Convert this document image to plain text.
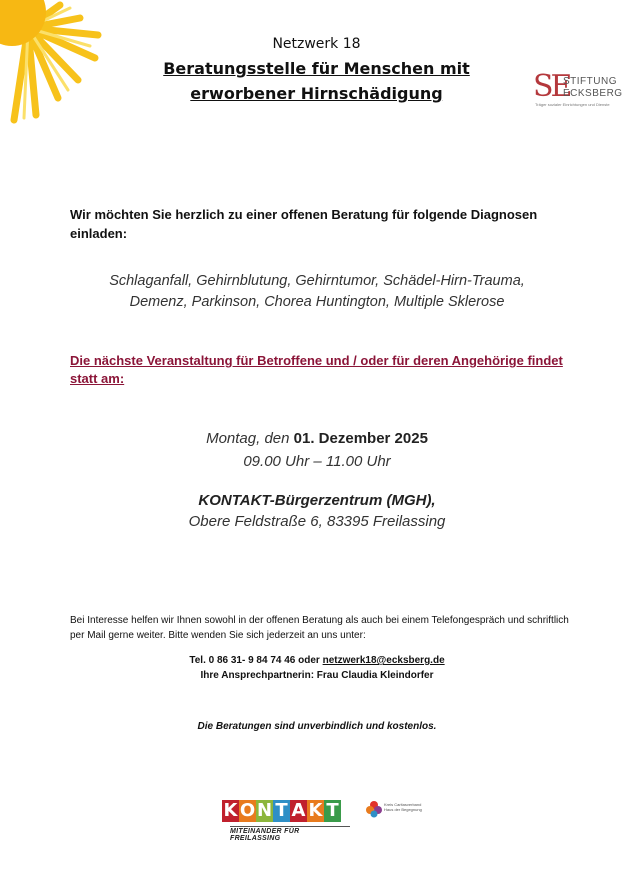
Netzwerk 18
Beratungsstelle für Menschen mit
erworbener Hirnschädigung	SE
STIFTUNG
ECKSBERG
Träger sozialer Einrichtungen und Dienste
Wir möchten Sie herzlich zu einer offenen Beratung für folgende Diagnosen einladen:
Schlaganfall, Gehirnblutung, Gehirntumor, Schädel-Hirn-Trauma,
Demenz, Parkinson, Chorea Huntington, Multiple Sklerose
Die nächste Veranstaltung für Betroffene und / oder für deren Angehörige findet statt am:
Montag, den 01. Dezember 2025
09.00 Uhr – 11.00 Uhr
KONTAKT-Bürgerzentrum (MGH),
Obere Feldstraße 6, 83395 Freilassing
Bei Interesse helfen wir Ihnen sowohl in der offenen Beratung als auch bei einem Telefongespräch und schriftlich per Mail gerne weiter. Bitte wenden Sie sich jederzeit an uns unter:
Tel. 0 86 31- 9 84 74 46 oder netzwerk18@ecksberg.de
Ihre Ansprechpartnerin: Frau Claudia Kleindorfer
Die Beratungen sind unverbindlich und kostenlos.
K O N T A K T
MITEINANDER FÜR FREILASSING
Kreis Caritasverband Haus der Begegnung
